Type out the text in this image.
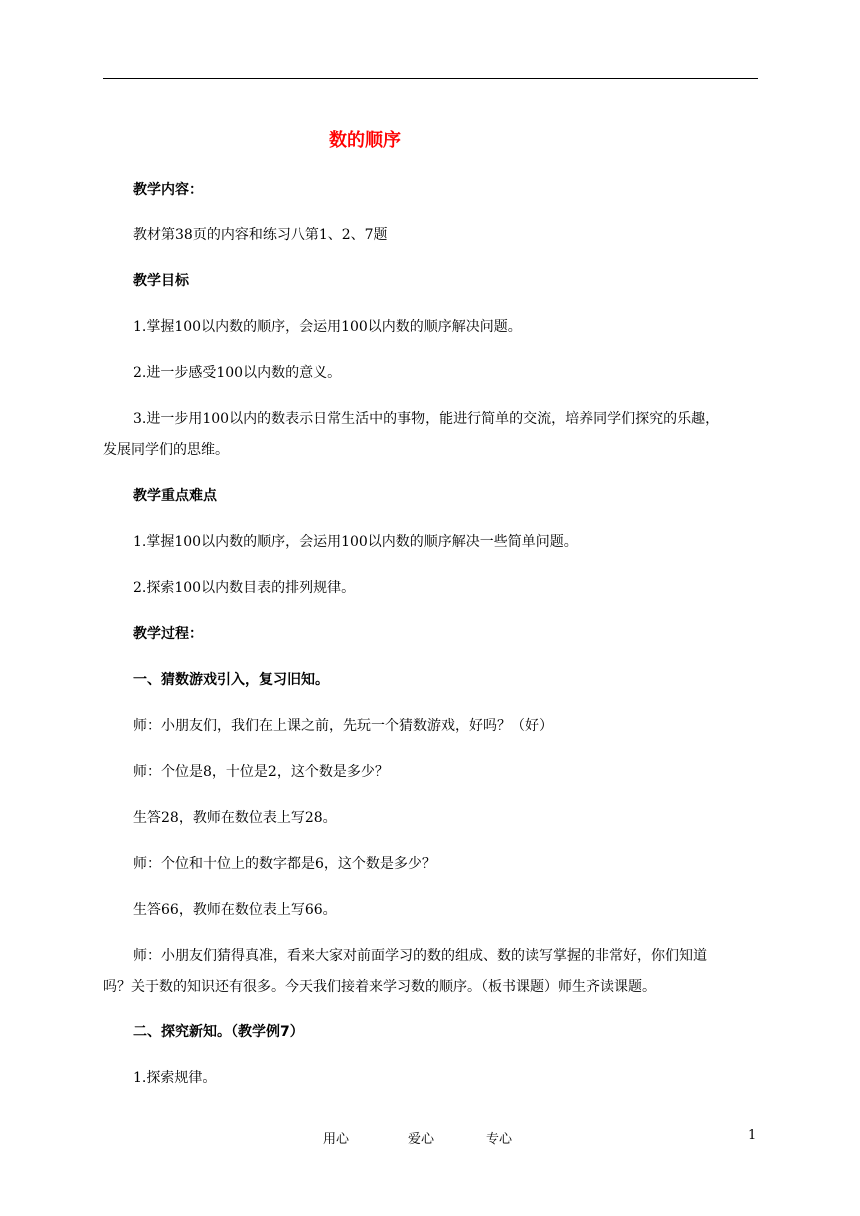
数的顺序
教学内容：
教材第38页的内容和练习八第1、2、7题
教学目标
1.掌握100以内数的顺序，会运用100以内数的顺序解决问题。
2.进一步感受100以内数的意义。
3.进一步用100以内的数表示日常生活中的事物，能进行简单的交流，培养同学们探究的乐趣，
发展同学们的思维。
教学重点难点
1.掌握100以内数的顺序，会运用100以内数的顺序解决一些简单问题。
2.探索100以内数目表的排列规律。
教学过程：
一、猜数游戏引入，复习旧知。
师：小朋友们，我们在上课之前，先玩一个猜数游戏，好吗？（好）
师：个位是8，十位是2，这个数是多少？
生答28，教师在数位表上写28。
师：个位和十位上的数字都是6，这个数是多少？
生答66，教师在数位表上写66。
师：小朋友们猜得真准，看来大家对前面学习的数的组成、数的读写掌握的非常好，你们知道
吗？关于数的知识还有很多。今天我们接着来学习数的顺序。（板书课题）师生齐读课题。
二、探究新知。（教学例7）
1.探索规律。
用心	爱心	专心	1
